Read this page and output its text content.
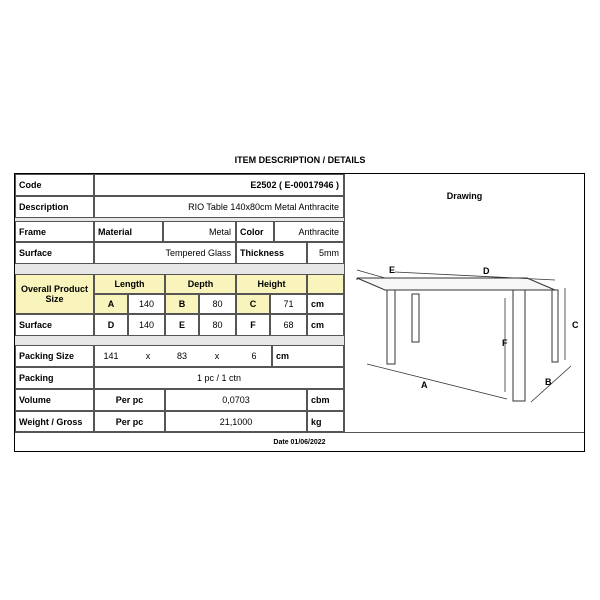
ITEM DESCRIPTION / DETAILS
Code	E2502 ( E-00017946 )
Description	RIO Table 140x80cm Metal Anthracite
Frame	Material	Metal	Color	Anthracite
Surface	Tempered Glass	Thickness	5mm
Overall Product Size
Length	Depth	Height
A	140	B	80	C	71	cm
Surface	D	140	E	80	F	68	cm
Packing Size	141	x	83	x	6	cm
Packing	1 pc / 1 ctn
Volume	Per pc	0,0703	cbm
Weight / Gross	Per pc	21,1000	kg
Drawing
E	D
C
F
A	B
Date 01/06/2022
